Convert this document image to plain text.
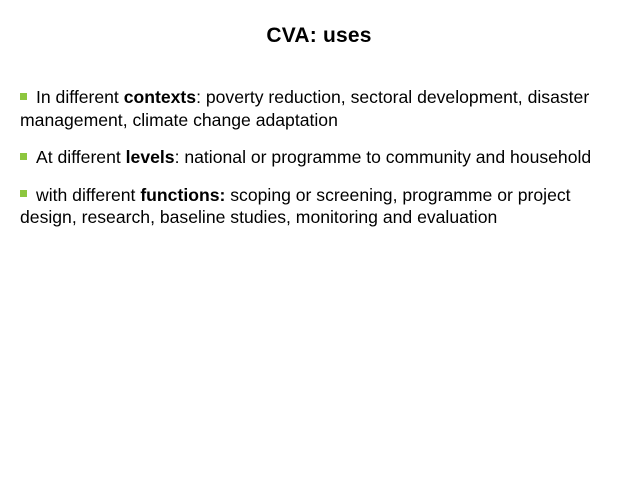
CVA: uses
In different contexts: poverty reduction, sectoral development, disaster management, climate change adaptation
At different levels: national or programme to community and household
with different functions: scoping or screening, programme or project design, research, baseline studies, monitoring and evaluation
